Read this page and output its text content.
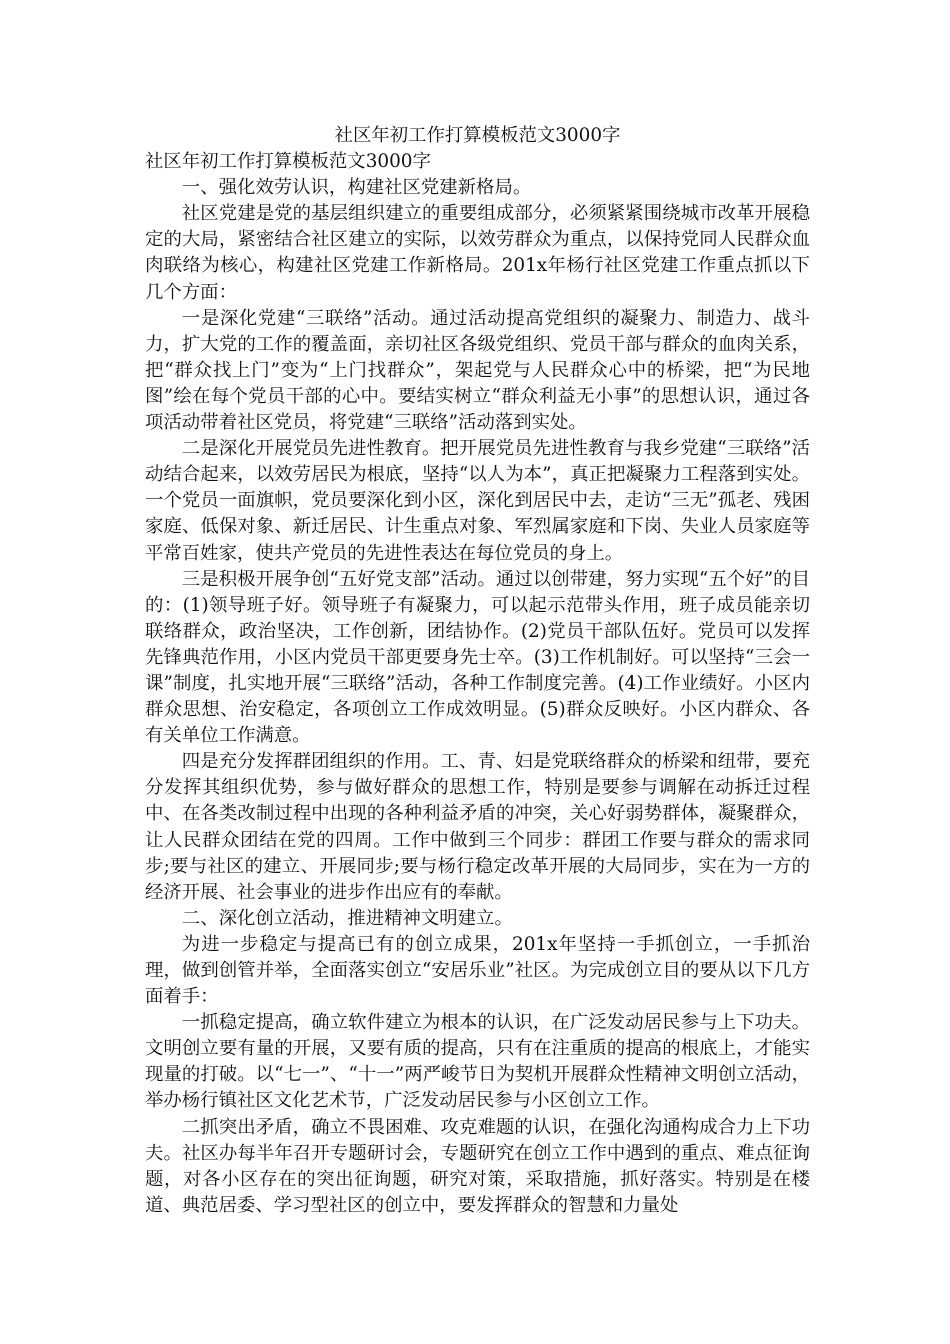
社区年初工作打算模板范文3000字
社区年初工作打算模板范文3000字

一、强化效劳认识，构建社区党建新格局。

社区党建是党的基层组织建立的重要组成部分，必须紧紧围绕城市改革开展稳定的大局，紧密结合社区建立的实际，以效劳群众为重点，以保持党同人民群众血肉联络为核心，构建社区党建工作新格局。201x年杨行社区党建工作重点抓以下几个方面：

一是深化党建“三联络”活动。通过活动提高党组织的凝聚力、制造力、战斗力，扩大党的工作的覆盖面，亲切社区各级党组织、党员干部与群众的血肉关系，把“群众找上门”变为“上门找群众”，架起党与人民群众心中的桥梁，把“为民地图”绘在每个党员干部的心中。要结实树立“群众利益无小事”的思想认识，通过各项活动带着社区党员，将党建“三联络”活动落到实处。

二是深化开展党员先进性教育。把开展党员先进性教育与我乡党建“三联络”活动结合起来，以效劳居民为根底，坚持“以人为本”，真正把凝聚力工程落到实处。一个党员一面旗帜，党员要深化到小区，深化到居民中去，走访“三无”孤老、残困家庭、低保对象、新迁居民、计生重点对象、军烈属家庭和下岗、失业人员家庭等平常百姓家，使共产党员的先进性表达在每位党员的身上。

三是积极开展争创“五好党支部”活动。通过以创带建，努力实现“五个好”的目的：(1)领导班子好。领导班子有凝聚力，可以起示范带头作用，班子成员能亲切联络群众，政治坚决，工作创新，团结协作。(2)党员干部队伍好。党员可以发挥先锋典范作用，小区内党员干部更要身先士卒。(3)工作机制好。可以坚持“三会一课”制度，扎实地开展“三联络”活动，各种工作制度完善。(4)工作业绩好。小区内群众思想、治安稳定，各项创立工作成效明显。(5)群众反映好。小区内群众、各有关单位工作满意。

四是充分发挥群团组织的作用。工、青、妇是党联络群众的桥梁和纽带，要充分发挥其组织优势，参与做好群众的思想工作，特别是要参与调解在动拆迁过程中、在各类改制过程中出现的各种利益矛盾的冲突，关心好弱势群体，凝聚群众，让人民群众团结在党的四周。工作中做到三个同步：群团工作要与群众的需求同步;要与社区的建立、开展同步;要与杨行稳定改革开展的大局同步，实在为一方的经济开展、社会事业的进步作出应有的奉献。

二、深化创立活动，推进精神文明建立。

为进一步稳定与提高已有的创立成果，201x年坚持一手抓创立，一手抓治理，做到创管并举，全面落实创立“安居乐业”社区。为完成创立目的要从以下几方面着手：

一抓稳定提高，确立软件建立为根本的认识，在广泛发动居民参与上下功夫。文明创立要有量的开展，又要有质的提高，只有在注重质的提高的根底上，才能实现量的打破。以“七一”、“十一”两严峻节日为契机开展群众性精神文明创立活动，举办杨行镇社区文化艺术节，广泛发动居民参与小区创立工作。

二抓突出矛盾，确立不畏困难、攻克难题的认识，在强化沟通构成合力上下功夫。社区办每半年召开专题研讨会，专题研究在创立工作中遇到的重点、难点征询题，对各小区存在的突出征询题，研究对策，采取措施，抓好落实。特别是在楼道、典范居委、学习型社区的创立中，要发挥群众的智慧和力量处
